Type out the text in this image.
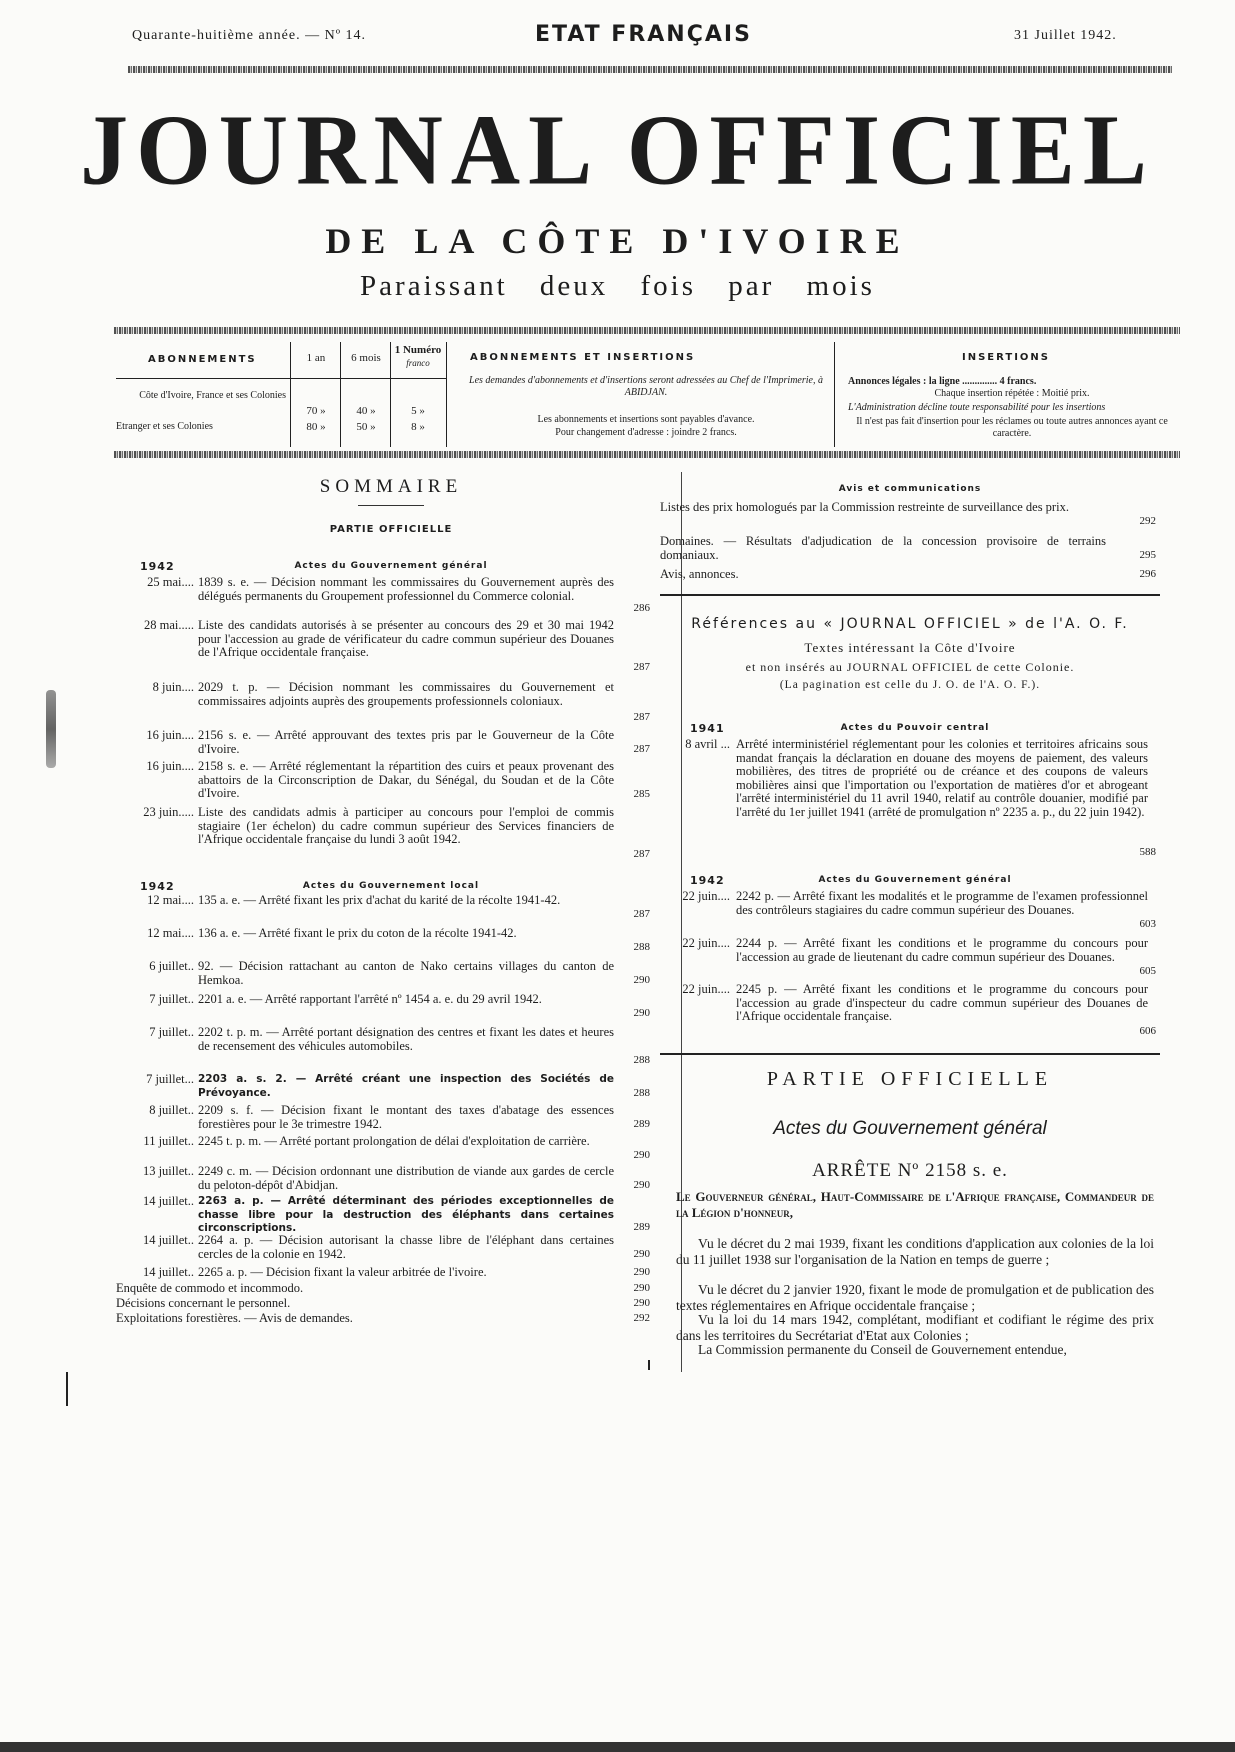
Quarante-huitième année. — Nº 14.	ETAT FRANÇAIS	31 Juillet 1942.
JOURNAL OFFICIEL
DE LA CÔTE D'IVOIRE
Paraissant deux fois par mois
ABONNEMENTS	1 an	6 mois
1 Numéro
franco
Côte d'Ivoire, France et ses Colonies
70 »	40 »	5 »
Etranger et ses Colonies	80 »	50 »	8 »
ABONNEMENTS ET INSERTIONS
Les demandes d'abonnements et d'insertions seront adressées au Chef de l'Imprimerie, à ABIDJAN.
Les abonnements et insertions sont payables d'avance.
Pour changement d'adresse : joindre 2 francs.
INSERTIONS
Annonces légales : la ligne .............. 4 francs.
Chaque insertion répétée : Moitié prix.
L'Administration décline toute responsabilité pour les insertions
Il n'est pas fait d'insertion pour les réclames ou toute autres annonces ayant ce caractère.
SOMMAIRE
PARTIE OFFICIELLE
1942	Actes du Gouvernement général
25 mai.... 1839 s. e. — Décision nommant les commissaires du Gouvernement auprès des délégués permanents du Groupement professionnel du Commerce colonial.
286
28 mai..... Liste des candidats autorisés à se présenter au concours des 29 et 30 mai 1942 pour l'accession au grade de vérificateur du cadre commun supérieur des Douanes de l'Afrique occidentale française.
287
8 juin.... 2029 t. p. — Décision nommant les commissaires du Gouvernement et commissaires adjoints auprès des groupements professionnels coloniaux.
287
16 juin.... 2156 s. e. — Arrêté approuvant des textes pris par le Gouverneur de la Côte d'Ivoire.	287
16 juin.... 2158 s. e. — Arrêté réglementant la répartition des cuirs et peaux provenant des abattoirs de la Circonscription de Dakar, du Sénégal, du Soudan et de la Côte d'Ivoire.	285
23 juin..... Liste des candidats admis à participer au concours pour l'emploi de commis stagiaire (1er échelon) du cadre commun supérieur des Services financiers de l'Afrique occidentale française du lundi 3 août 1942.
287
1942	Actes du Gouvernement local
12 mai.... 135 a. e. — Arrêté fixant les prix d'achat du karité de la récolte 1941-42.
287
12 mai.... 136 a. e. — Arrêté fixant le prix du coton de la récolte 1941-42.
288
6 juillet.. 92. — Décision rattachant au canton de Nako certains villages du canton de Hemkoa.	290
7 juillet.. 2201 a. e. — Arrêté rapportant l'arrêté nº 1454 a. e. du 29 avril 1942.
290
7 juillet.. 2202 t. p. m. — Arrêté portant désignation des centres et fixant les dates et heures de recensement des véhicules automobiles.
288
7 juillet... 2203 a. s. 2. — Arrêté créant une inspection des Sociétés de Prévoyance.	288
8 juillet.. 2209 s. f. — Décision fixant le montant des taxes d'abatage des essences forestières pour le 3e trimestre 1942.	289
11 juillet.. 2245 t. p. m. — Arrêté portant prolongation de délai d'exploitation de carrière.
290
13 juillet.. 2249 c. m. — Décision ordonnant une distribution de viande aux gardes de cercle du peloton-dépôt d'Abidjan.	290
14 juillet.. 2263 a. p. — Arrêté déterminant des périodes exceptionnelles de chasse libre pour la destruction des éléphants dans certaines circonscriptions.	289
14 juillet.. 2264 a. p. — Décision autorisant la chasse libre de l'éléphant dans certaines cercles de la colonie en 1942.	290
14 juillet.. 2265 a. p. — Décision fixant la valeur arbitrée de l'ivoire.	290
Enquête de commodo et incommodo.	290
Décisions concernant le personnel.	290
Exploitations forestières. — Avis de demandes.	292
Avis et communications
Listes des prix homologués par la Commission restreinte de surveillance des prix.
292
Domaines. — Résultats d'adjudication de la concession provisoire de terrains domaniaux.	295
Avis, annonces.	296
Références au « JOURNAL OFFICIEL » de l'A. O. F.
Textes intéressant la Côte d'Ivoire
et non insérés au JOURNAL OFFICIEL de cette Colonie.
(La pagination est celle du J. O. de l'A. O. F.).
1941	Actes du Pouvoir central
8 avril ... Arrêté interministériel réglementant pour les colonies et territoires africains sous mandat français la déclaration en douane des moyens de paiement, des valeurs mobilières, des titres de propriété ou de créance et des coupons de valeurs mobilières ainsi que l'importation ou l'exportation de matières d'or et abrogeant l'arrêté interministériel du 11 avril 1940, relatif au contrôle douanier, modifié par l'arrêté du 1er juillet 1941 (arrêté de promulgation nº 2235 a. p., du 22 juin 1942).
588
1942	Actes du Gouvernement général
22 juin.... 2242 p. — Arrêté fixant les modalités et le programme de l'examen professionnel des contrôleurs stagiaires du cadre commun supérieur des Douanes.
603
22 juin.... 2244 p. — Arrêté fixant les conditions et le programme du concours pour l'accession au grade de lieutenant du cadre commun supérieur des Douanes.
605
22 juin.... 2245 p. — Arrêté fixant les conditions et le programme du concours pour l'accession au grade d'inspecteur du cadre commun supérieur des Douanes de l'Afrique occidentale française.
606
PARTIE OFFICIELLE
Actes du Gouvernement général
ARRÊTE Nº 2158 s. e.
Le Gouverneur général, Haut-Commissaire de l'Afrique française, Commandeur de la Légion d'honneur,
Vu le décret du 2 mai 1939, fixant les conditions d'application aux colonies de la loi du 11 juillet 1938 sur l'organisation de la Nation en temps de guerre ;
Vu le décret du 2 janvier 1920, fixant le mode de promulgation et de publication des textes réglementaires en Afrique occidentale française ;
Vu la loi du 14 mars 1942, complétant, modifiant et codifiant le régime des prix dans les territoires du Secrétariat d'Etat aux Colonies ;
La Commission permanente du Conseil de Gouvernement entendue,
